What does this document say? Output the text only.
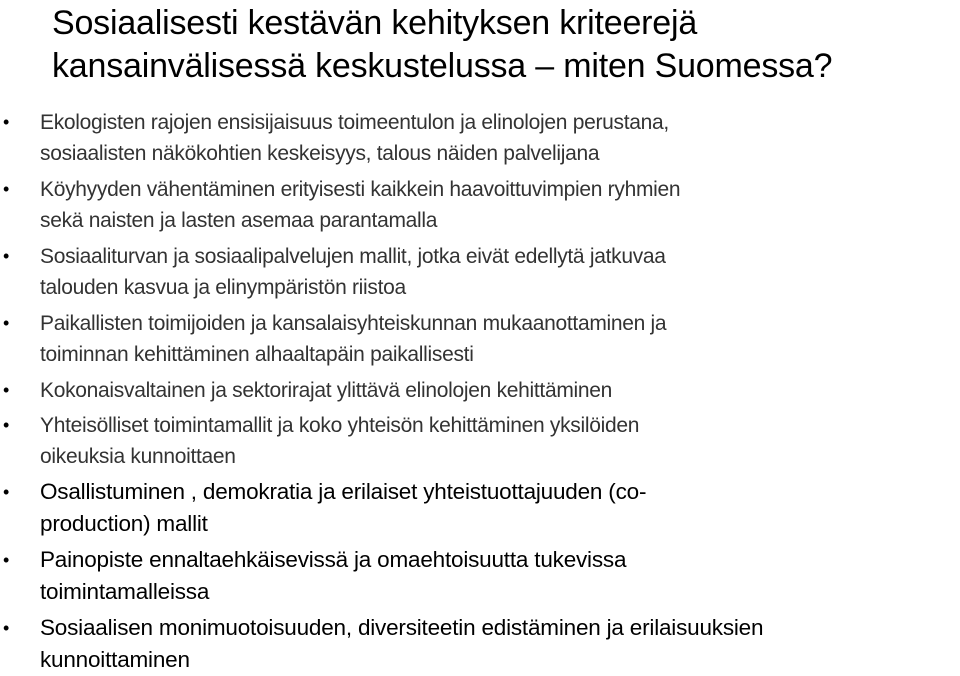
Sosiaalisesti kestävän kehityksen kriteerejä
kansainvälisessä keskustelussa – miten Suomessa?
• Ekologisten rajojen ensisijaisuus toimeentulon ja elinolojen perustana,
sosiaalisten näkökohtien keskeisyys, talous näiden palvelijana
• Köyhyyden vähentäminen erityisesti kaikkein haavoittuvimpien ryhmien
sekä naisten ja lasten asemaa parantamalla
• Sosiaaliturvan ja sosiaalipalvelujen mallit, jotka eivät edellytä jatkuvaa
talouden kasvua ja elinympäristön riistoa
• Paikallisten toimijoiden ja kansalaisyhteiskunnan mukaanottaminen ja
toiminnan kehittäminen alhaaltapäin paikallisesti
• Kokonaisvaltainen ja sektorirajat ylittävä elinolojen kehittäminen
• Yhteisölliset toimintamallit ja koko yhteisön kehittäminen yksilöiden
oikeuksia kunnoittaen
• Osallistuminen , demokratia ja erilaiset yhteistuottajuuden (co-
production) mallit
• Painopiste ennaltaehkäisevissä ja omaehtoisuutta tukevissa
toimintamalleissa
• Sosiaalisen monimuotoisuuden, diversiteetin edistäminen ja erilaisuuksien
kunnoittaminen
